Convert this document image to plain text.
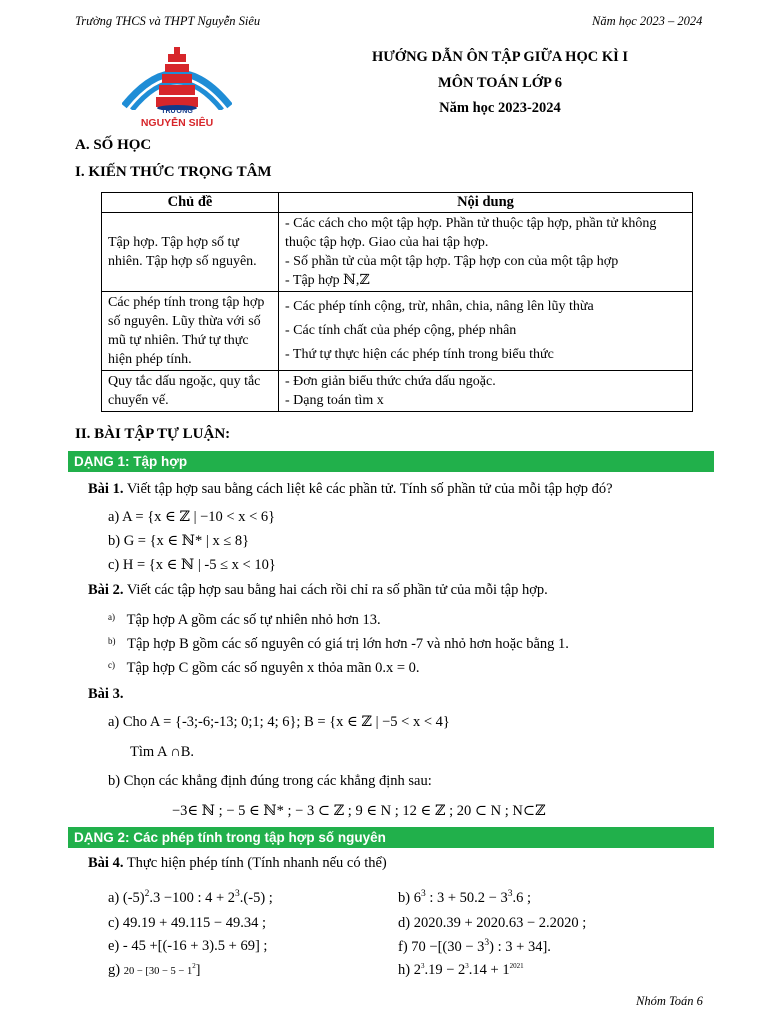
Trường THCS và THPT Nguyễn Siêu	Năm học 2023 – 2024
TRƯỜNG
NGUYỄN SIÊU
HƯỚNG DẪN ÔN TẬP GIỮA HỌC KÌ I
MÔN TOÁN LỚP 6
Năm học 2023-2024
A. SỐ HỌC
I. KIẾN THỨC TRỌNG TÂM
Chủ đề	Nội dung
Tập hợp. Tập hợp số tự nhiên. Tập hợp số nguyên.	- Các cách cho một tập hợp. Phần tử thuộc tập hợp, phần tử không thuộc tập hợp. Giao của hai tập hợp.
- Số phần tử của một tập hợp. Tập hợp con của một tập hợp
- Tập hợp ℕ,ℤ

Các phép tính trong tập hợp số nguyên. Lũy thừa với số mũ tự nhiên. Thứ tự thực hiện phép tính.	- Các phép tính cộng, trừ, nhân, chia, nâng lên lũy thừa
- Các tính chất của phép cộng, phép nhân
- Thứ tự thực hiện các phép tính trong biểu thức

Quy tắc dấu ngoặc, quy tắc chuyển vế.	- Đơn giản biểu thức chứa dấu ngoặc.
- Dạng toán tìm x
II. BÀI TẬP TỰ LUẬN:
DẠNG 1: Tập hợp
Bài 1. Viết tập hợp sau bằng cách liệt kê các phần tử. Tính số phần tử của mỗi tập hợp đó?
a) A = {x ∈ ℤ | −10 < x < 6}
b) G = {x ∈ ℕ* | x ≤ 8}
c) H = {x ∈ ℕ | -5 ≤ x < 10}
Bài 2. Viết các tập hợp sau bằng hai cách rồi chỉ ra số phần tử của mỗi tập hợp.
$^{a)}$ Tập hợp A gồm các số tự nhiên nhỏ hơn 13.
$^{b)}$ Tập hợp B gồm các số nguyên có giá trị lớn hơn -7 và nhỏ hơn hoặc bằng 1.
$^{c)}$ Tập hợp C gồm các số nguyên x thỏa mãn 0.x = 0.
Bài 3.
a) Cho A = {-3;-6;-13; 0;1; 4; 6}; B = {x ∈ ℤ | −5 < x < 4}
Tìm A ∩B.
b) Chọn các khẳng định đúng trong các khẳng định sau:
−3∈ ℕ ; − 5 ∈ ℕ* ; − 3 ⊂ ℤ ; 9 ∈ N ; 12 ∈ ℤ ; 20 ⊂ N ; N⊂ℤ
DẠNG 2: Các phép tính trong tập hợp số nguyên
Bài 4. Thực hiện phép tính (Tính nhanh nếu có thể)
a) $(-5)^2.3 -100$ : $4 + 2^3.(-5)$ ;
c) 49.19 + 49.115 − 49.34 ;
e) - 45 +[(-16 + 3).5 + 69] ;
g) $20 - [30 - 5 - 1^2]$
b) $6^3$ : $3 + 50.2 - 3^3.6$ ;
d) 2020.39 + 2020.63 − 2.2020 ;
f) $70 -[(30 - 3^3)$ : 3 + 34].
h) $2^3.19 - 2^3.14 + 1^{2021}$
Nhóm Toán 6
